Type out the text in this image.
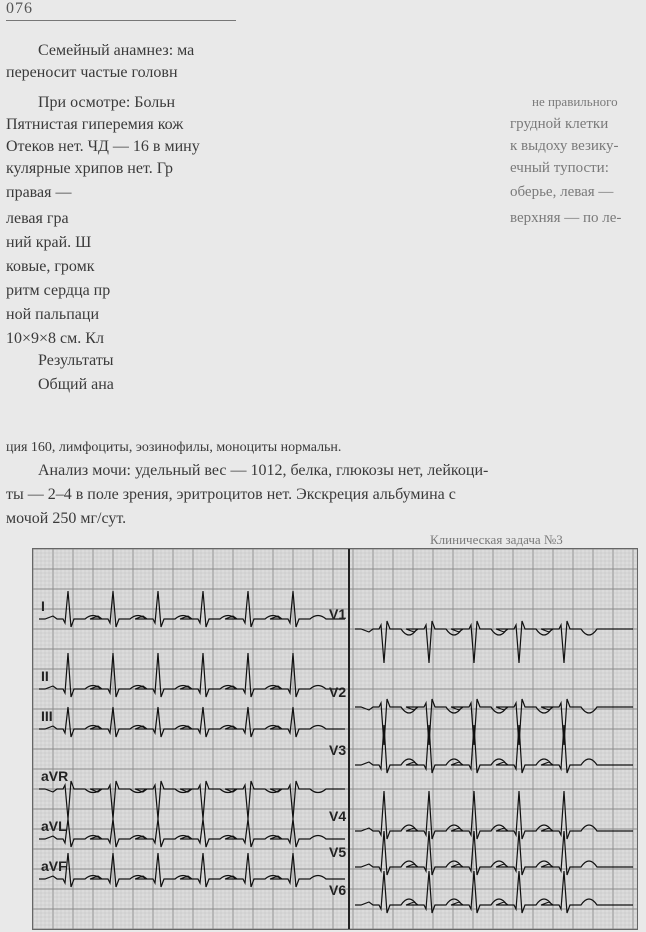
076
Семейный анамнез: ма
переносит частые головн
При осмотре: Больн
Пятнистая гиперемия кож
Отеков нет. ЧД — 16 в мину
кулярные хрипов нет. Гр
правая —
левая гра
ний край. Ш
ковые, громк
ритм сердца пр
ной пальпаци
10×9×8 см. Кл
Результаты
Общий ана
не правильного
грудной клетки
к выдоху везику-
ечный тупости:
оберье, левая —
верхняя — по ле-
ция 160, лимфоциты, эозинофилы, моноциты нормальн.
Анализ мочи: удельный вес — 1012, белка, глюкозы нет, лейкоци-
ты — 2–4 в поле зрения, эритроцитов нет. Экскреция альбумина с
мочой 250 мг/сут.
Клиническая задача №3
I
II
III
aVR
aVL
aVF
V1
V2
V3
V4
V5
V6
